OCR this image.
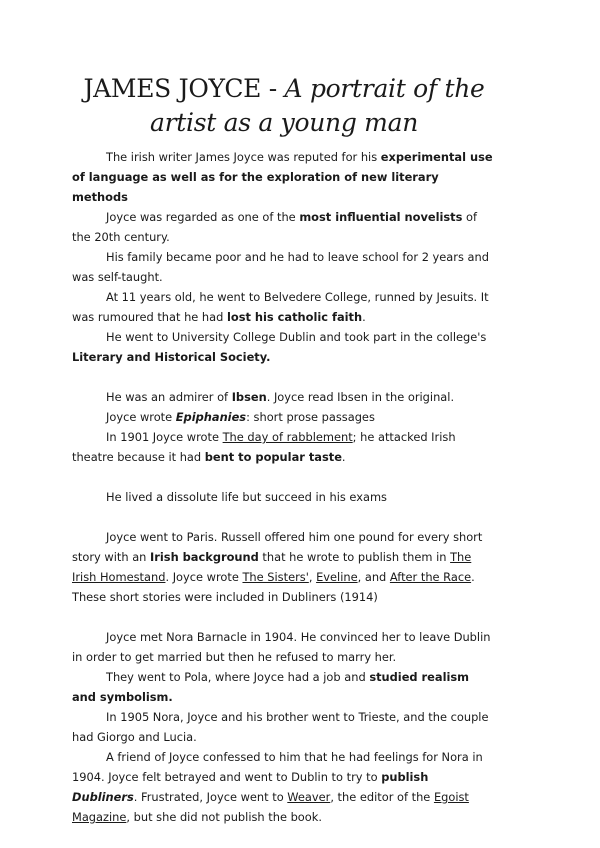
JAMES JOYCE - A portrait of the
artist as a young man

The irish writer James Joyce was reputed for his experimental use of language as well as for the exploration of new literary methods

Joyce was regarded as one of the most influential novelists of the 20th century.

His family became poor and he had to leave school for 2 years and was self-taught.

At 11 years old, he went to Belvedere College, runned by Jesuits. It was rumoured that he had lost his catholic faith.

He went to University College Dublin and took part in the college's Literary and Historical Society.

He was an admirer of Ibsen. Joyce read Ibsen in the original.

Joyce wrote Epiphanies: short prose passages

In 1901 Joyce wrote The day of rabblement; he attacked Irish theatre because it had bent to popular taste.

He lived a dissolute life but succeed in his exams

Joyce went to Paris. Russell offered him one pound for every short story with an Irish background that he wrote to publish them in The Irish Homestand. Joyce wrote The Sisters', Eveline, and After the Race. These short stories were included in Dubliners (1914)

Joyce met Nora Barnacle in 1904. He convinced her to leave Dublin in order to get married but then he refused to marry her.

They went to Pola, where Joyce had a job and studied realism and symbolism.

In 1905 Nora, Joyce and his brother went to Trieste, and the couple had Giorgo and Lucia.

A friend of Joyce confessed to him that he had feelings for Nora in 1904. Joyce felt betrayed and went to Dublin to try to publish Dubliners. Frustrated, Joyce went to Weaver, the editor of the Egoist Magazine, but she did not publish the book.
